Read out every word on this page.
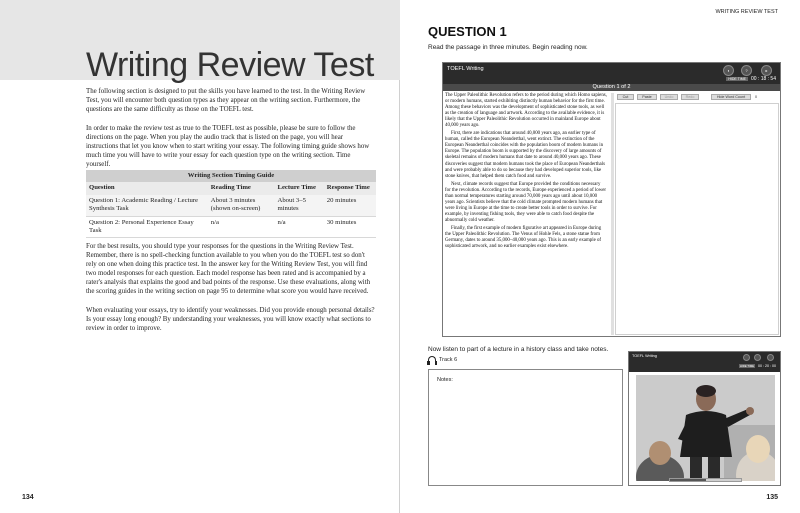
Writing Review Test

The following section is designed to put the skills you have learned to the test. In the Writing Review Test, you will encounter both question types as they appear on the writing section. Furthermore, the questions are the same difficulty as those on the TOEFL test.

In order to make the review test as true to the TOEFL test as possible, please be sure to follow the directions on the page. When you play the audio track that is listed on the page, you will hear instructions that let you know when to start writing your essay. The following timing guide shows how much time you will have to write your essay for each question type on the writing section. Time yourself.

Writing Section Timing Guide
Question	Reading Time	Lecture Time	Response Time
Question 1: Academic Reading / Lecture Synthesis Task	About 3 minutes (shown on-screen)	About 3–5 minutes	20 minutes
Question 2: Personal Experience Essay Task	n/a	n/a	30 minutes

For the best results, you should type your responses for the questions in the Writing Review Test. Remember, there is no spell-checking function available to you when you do the TOEFL test so don't rely on one when doing this practice test. In the answer key for the Writing Review Test, you will find two model responses for each question. Each model response has been rated and is accompanied by a rater's analysis that explains the good and bad points of the response. Use these evaluations, along with the scoring guides in the writing section on page 95 to determine what score you would have received.

When evaluating your essays, try to identify your weaknesses. Did you provide enough personal details? Is your essay long enough? By understanding your weaknesses, you will know exactly what sections to review in order to improve.

134
WRITING REVIEW TEST
QUESTION 1
Read the passage in three minutes. Begin reading now.
TOEFL Writing	◖	?	▸
HIDE TIME 00 : 18 : 54
Question 1 of 2

The Upper Paleolithic Revolution refers to the period during which Homo sapiens, or modern humans, started exhibiting distinctly human behavior for the first time. Among these behaviors was the development of sophisticated stone tools, as well as the creation of language and artwork. According to the available evidence, it is likely that the Upper Paleolithic Revolution occurred in mainland Europe about 40,000 years ago.

First, there are indications that around 40,000 years ago, an earlier type of human, called the European Neanderthal, went extinct. The extinction of the European Neanderthal coincides with the population boom of modern humans in Europe. The population boom is supported by the discovery of large amounts of skeletal remains of modern humans that date to around 40,000 years ago. These discoveries suggest that modern humans took the place of European Neanderthals and were probably able to do so because they had developed superior tools, like stone knives, that helped them catch food and survive.

Next, climate records suggest that Europe provided the conditions necessary for the revolution. According to the records, Europe experienced a period of lower than normal temperatures starting around 70,000 years ago until about 10,000 years ago. Scientists believe that the cold climate prompted modern humans that were living in Europe at the time to create better tools in order to survive. For example, by inventing fishing tools, they were able to catch food despite the abnormally cold weather.

Finally, the first example of modern figurative art appeared in Europe during the Upper Paleolithic Revolution. The Venus of Hohle Fels, a stone statue from Germany, dates to around 35,000–40,000 years ago. This is an early example of sophisticated artwork, and no earlier examples exist elsewhere.

Cut	Paste	Undo	Redo	Hide Word Count	0
Now listen to part of a lecture in a history class and take notes.
Track 6
Notes:
TOEFL Writing
HIDE TIME 00 : 20 : 00
135
